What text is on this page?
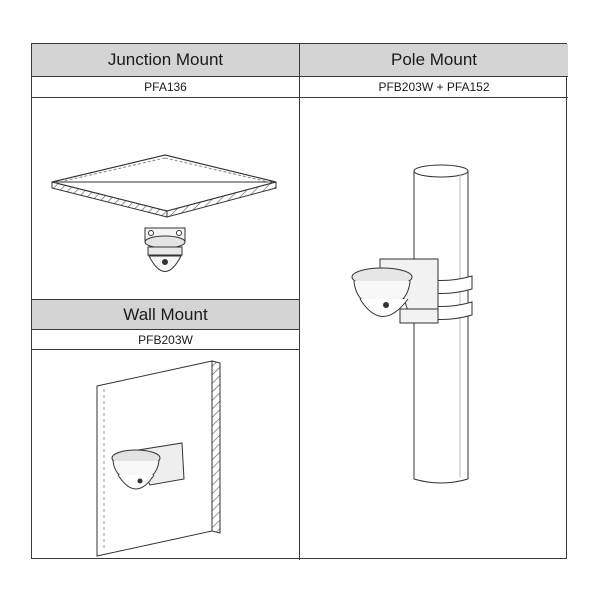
Junction Mount
PFA136
Pole Mount
PFB203W + PFA152
Wall Mount
PFB203W
